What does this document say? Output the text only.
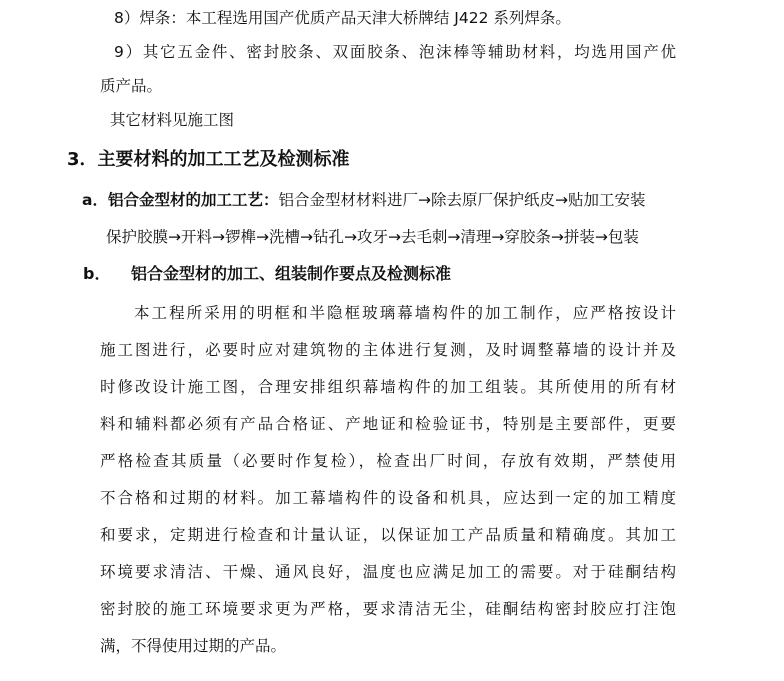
8）焊条：本工程选用国产优质产品天津大桥牌结 J422 系列焊条。
9）其它五金件、密封胶条、双面胶条、泡沫棒等辅助材料，均选用国产优
质产品。
其它材料见施工图
3．主要材料的加工工艺及检测标准
a．铝合金型材的加工工艺：铝合金型材材料进厂→除去原厂保护纸皮→贴加工安装
保护胶膜→开料→锣榫→洗槽→钻孔→攻牙→去毛刺→清理→穿胶条→拼装→包装
b． 铝合金型材的加工、组装制作要点及检测标准
本工程所采用的明框和半隐框玻璃幕墙构件的加工制作，应严格按设计
施工图进行，必要时应对建筑物的主体进行复测，及时调整幕墙的设计并及
时修改设计施工图，合理安排组织幕墙构件的加工组装。其所使用的所有材
料和辅料都必须有产品合格证、产地证和检验证书，特别是主要部件，更要
严格检查其质量（必要时作复检），检查出厂时间，存放有效期，严禁使用
不合格和过期的材料。加工幕墙构件的设备和机具，应达到一定的加工精度
和要求，定期进行检查和计量认证，以保证加工产品质量和精确度。其加工
环境要求清洁、干燥、通风良好，温度也应满足加工的需要。对于硅酮结构
密封胶的施工环境要求更为严格，要求清洁无尘，硅酮结构密封胶应打注饱
满，不得使用过期的产品。
